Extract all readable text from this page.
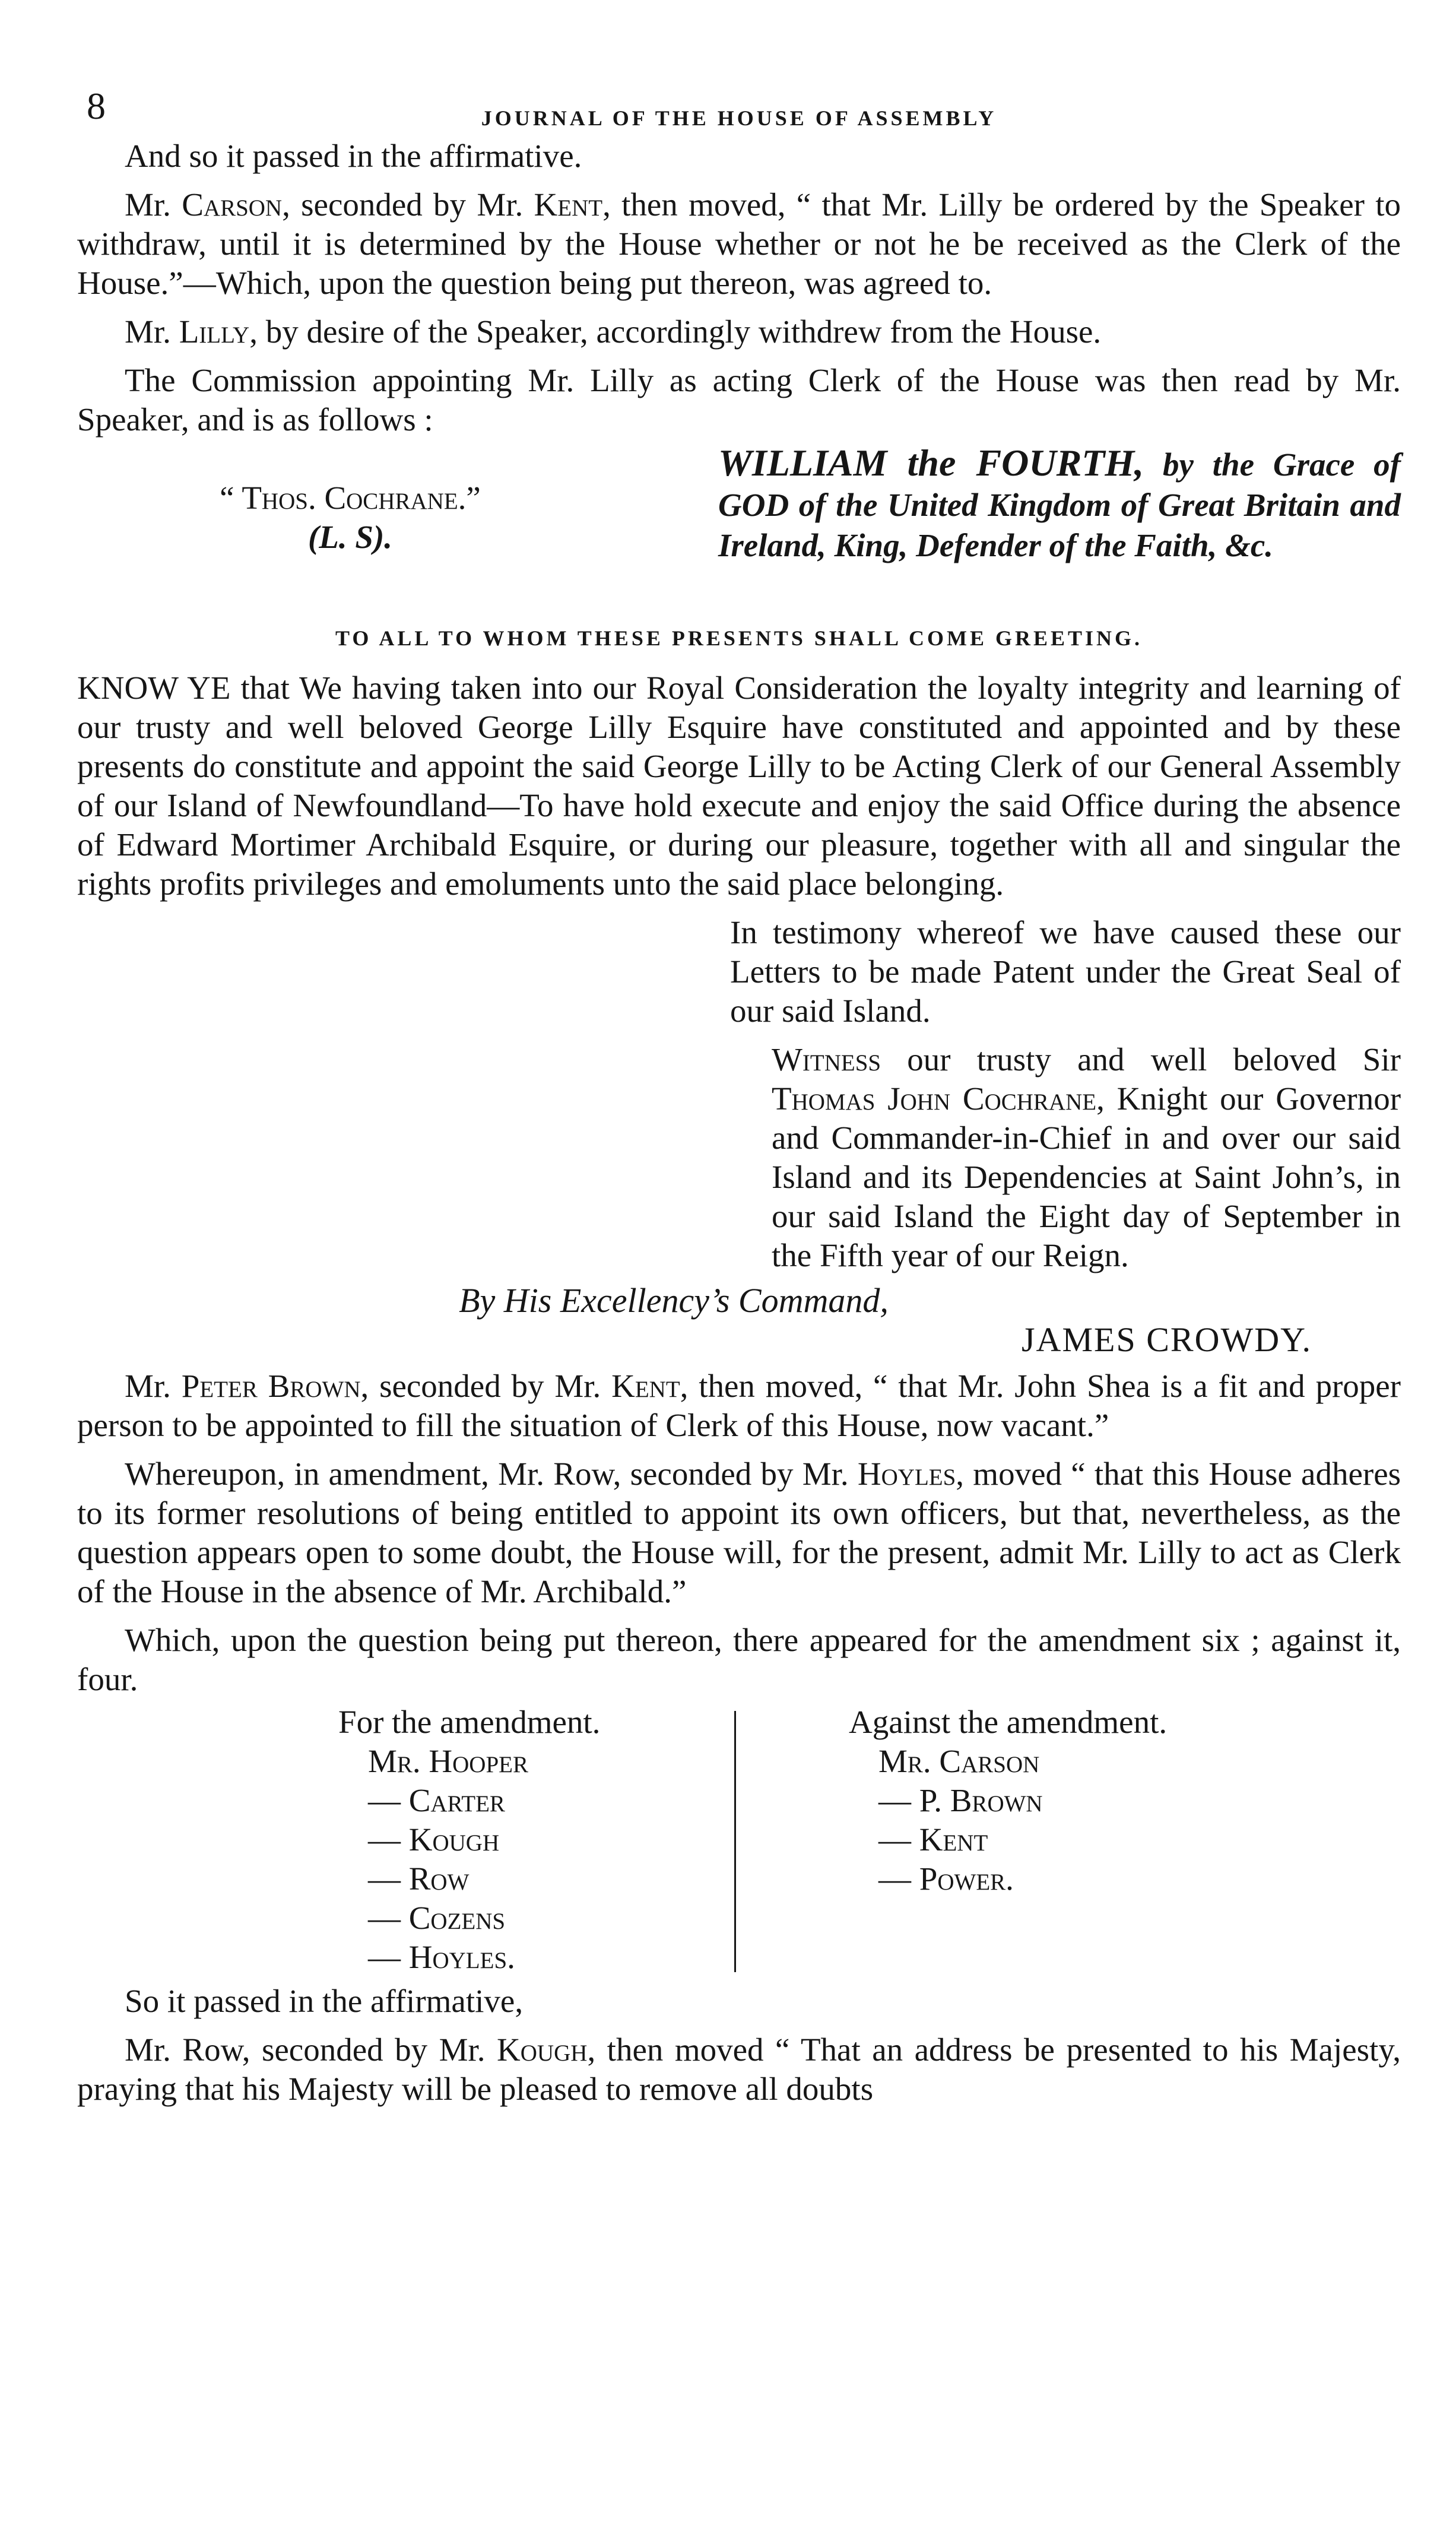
8	JOURNAL OF THE HOUSE OF ASSEMBLY

And so it passed in the affirmative.

Mr. Carson, seconded by Mr. Kent, then moved, “ that Mr. Lilly be ordered by the Speaker to withdraw, until it is determined by the House whether or not he be received as the Clerk of the House.”—Which, upon the question being put thereon, was agreed to.

Mr. Lilly, by desire of the Speaker, accordingly withdrew from the House.

The Commission appointing Mr. Lilly as acting Clerk of the House was then read by Mr. Speaker, and is as follows :

“ Thos. Cochrane.”
(L. S).
WILLIAM the FOURTH, by the Grace of GOD of the United Kingdom of Great Britain and Ireland, King, Defender of the Faith, &c.
TO ALL TO WHOM THESE PRESENTS SHALL COME GREETING.

KNOW YE that We having taken into our Royal Consideration the loyalty integrity and learning of our trusty and well beloved George Lilly Esquire have constituted and appointed and by these presents do constitute and appoint the said George Lilly to be Acting Clerk of our General Assembly of our Island of Newfoundland—To have hold execute and enjoy the said Office during the absence of Edward Mortimer Archibald Esquire, or during our pleasure, together with all and singular the rights profits privileges and emoluments unto the said place belonging.

In testimony whereof we have caused these our Letters to be made Patent under the Great Seal of our said Island.

Witness our trusty and well beloved Sir Thomas John Cochrane, Knight our Governor and Commander-in-Chief in and over our said Island and its Dependencies at Saint John’s, in our said Island the Eight day of September in the Fifth year of our Reign.

By His Excellency’s Command,
JAMES CROWDY.

Mr. Peter Brown, seconded by Mr. Kent, then moved, “ that Mr. John Shea is a fit and proper person to be appointed to fill the situation of Clerk of this House, now vacant.”

Whereupon, in amendment, Mr. Row, seconded by Mr. Hoyles, moved “ that this House adheres to its former resolutions of being entitled to appoint its own officers, but that, nevertheless, as the question appears open to some doubt, the House will, for the present, admit Mr. Lilly to act as Clerk of the House in the absence of Mr. Archibald.”

Which, upon the question being put thereon, there appeared for the amendment six ; against it, four.

For the amendment.
Mr. Hooper
— Carter
— Kough
— Row
— Cozens
— Hoyles.
Against the amendment.
Mr. Carson
— P. Brown
— Kent
— Power.

So it passed in the affirmative,

Mr. Row, seconded by Mr. Kough, then moved “ That an address be presented to his Majesty, praying that his Majesty will be pleased to remove all doubts
